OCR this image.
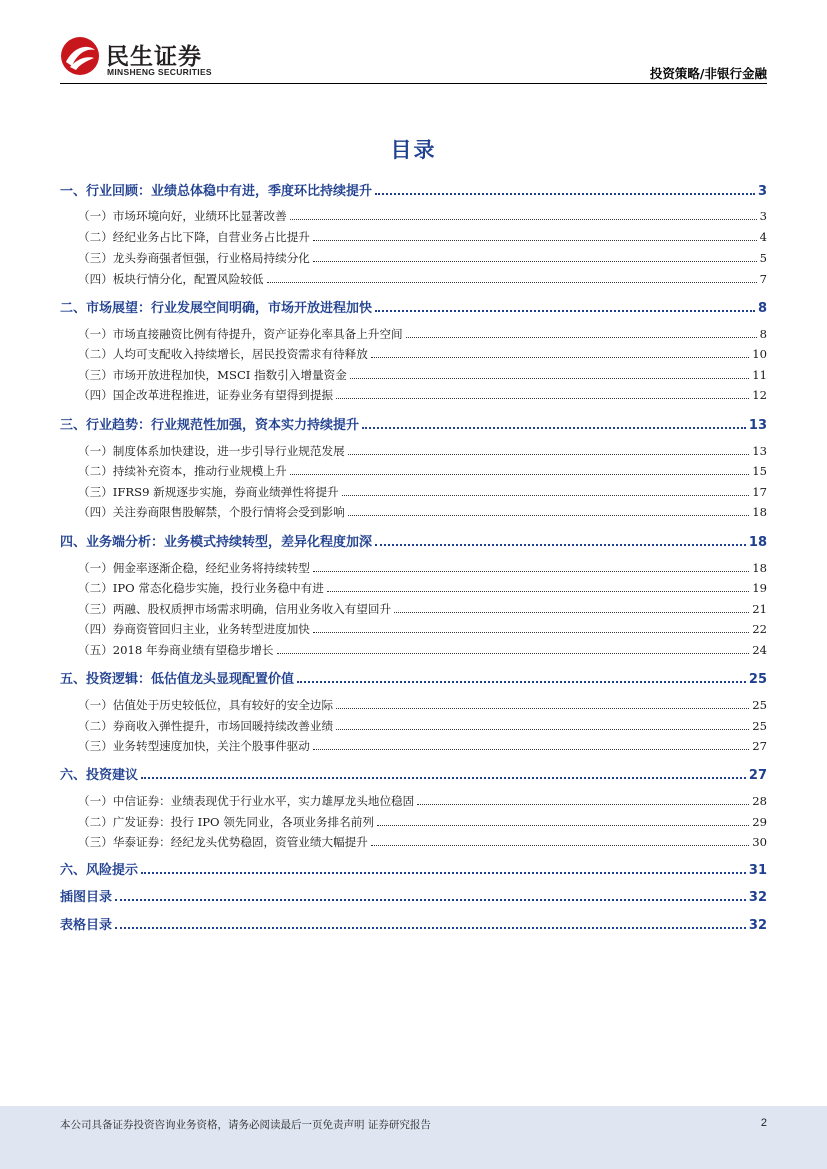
民生证券
MINSHENG SECURITIES	投资策略/非银行金融
目录
一、行业回顾：业绩总体稳中有进，季度环比持续提升	3
（一）市场环境向好，业绩环比显著改善	3
（二）经纪业务占比下降，自营业务占比提升	4
（三）龙头券商强者恒强，行业格局持续分化	5
（四）板块行情分化，配置风险较低	7
二、市场展望：行业发展空间明确，市场开放进程加快	8
（一）市场直接融资比例有待提升，资产证券化率具备上升空间	8
（二）人均可支配收入持续增长，居民投资需求有待释放	10
（三）市场开放进程加快，MSCI 指数引入增量资金	11
（四）国企改革进程推进，证券业务有望得到提振	12
三、行业趋势：行业规范性加强，资本实力持续提升	13
（一）制度体系加快建设，进一步引导行业规范发展	13
（二）持续补充资本，推动行业规模上升	15
（三）IFRS9 新规逐步实施，券商业绩弹性将提升	17
（四）关注券商限售股解禁，个股行情将会受到影响	18
四、业务端分析：业务模式持续转型，差异化程度加深	18
（一）佣金率逐渐企稳，经纪业务将持续转型	18
（二）IPO 常态化稳步实施，投行业务稳中有进	19
（三）两融、股权质押市场需求明确，信用业务收入有望回升	21
（四）券商资管回归主业，业务转型进度加快	22
（五）2018 年券商业绩有望稳步增长	24
五、投资逻辑：低估值龙头显现配置价值	25
（一）估值处于历史较低位，具有较好的安全边际	25
（二）券商收入弹性提升，市场回暖持续改善业绩	25
（三）业务转型速度加快，关注个股事件驱动	27
六、投资建议	27
（一）中信证券：业绩表现优于行业水平，实力雄厚龙头地位稳固	28
（二）广发证券：投行 IPO 领先同业，各项业务排名前列	29
（三）华泰证券：经纪龙头优势稳固，资管业绩大幅提升	30
六、风险提示	31
插图目录	32
表格目录	32
本公司具备证券投资咨询业务资格，请务必阅读最后一页免责声明 证券研究报告	2
